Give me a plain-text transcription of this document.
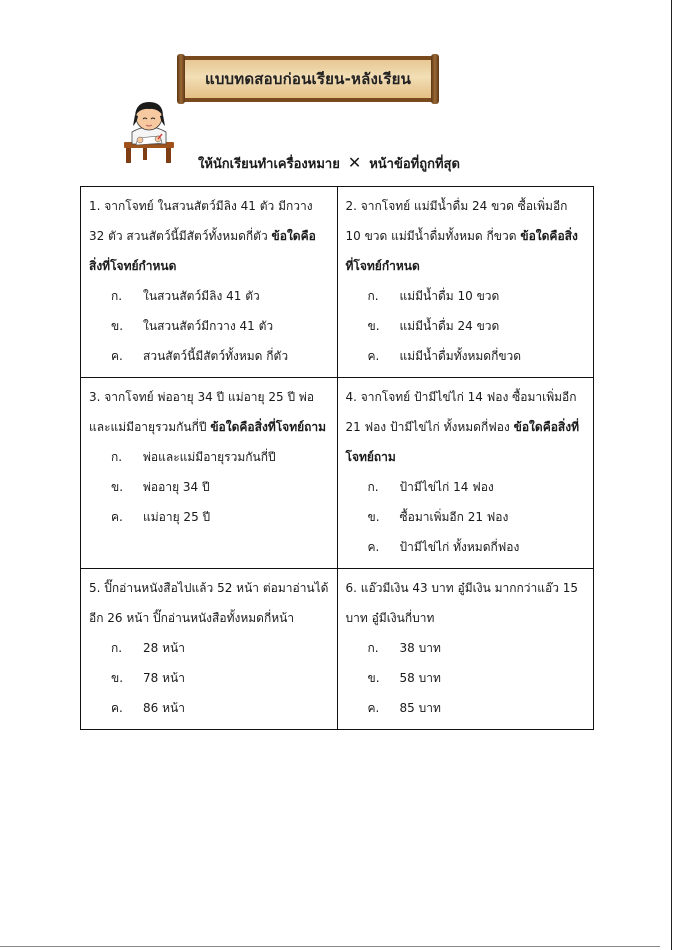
แบบทดสอบก่อนเรียน-หลังเรียน
ให้นักเรียนทำเครื่องหมาย ✕ หน้าข้อที่ถูกที่สุด
1. จากโจทย์ ในสวนสัตว์มีลิง 41 ตัว มีกวาง 32 ตัว สวนสัตว์นี้มีสัตว์ทั้งหมดกี่ตัว ข้อใดคือสิ่งที่โจทย์กำหนด
ก. ในสวนสัตว์มีลิง 41 ตัว
ข. ในสวนสัตว์มีกวาง 41 ตัว
ค. สวนสัตว์นี้มีสัตว์ทั้งหมด กี่ตัว	2. จากโจทย์ แม่มีน้ำดื่ม 24 ขวด ซื้อเพิ่มอีก 10 ขวด แม่มีน้ำดื่มทั้งหมด กี่ขวด ข้อใดคือสิ่งที่โจทย์กำหนด
ก. แม่มีน้ำดื่ม 10 ขวด
ข. แม่มีน้ำดื่ม 24 ขวด
ค. แม่มีน้ำดื่มทั้งหมดกี่ขวด

3. จากโจทย์ พ่ออายุ 34 ปี แม่อายุ 25 ปี พ่อและแม่มีอายุรวมกันกี่ปี ข้อใดคือสิ่งที่โจทย์ถาม
ก. พ่อและแม่มีอายุรวมกันกี่ปี
ข. พ่ออายุ 34 ปี
ค. แม่อายุ 25 ปี	4. จากโจทย์ ป้ามีไข่ไก่ 14 ฟอง ซื้อมาเพิ่มอีก 21 ฟอง ป้ามีไข่ไก่ ทั้งหมดกี่ฟอง ข้อใดคือสิ่งที่โจทย์ถาม
ก. ป้ามีไข่ไก่ 14 ฟอง
ข. ซื้อมาเพิ่มอีก 21 ฟอง
ค. ป้ามีไข่ไก่ ทั้งหมดกี่ฟอง

5. ปิ๊กอ่านหนังสือไปแล้ว 52 หน้า ต่อมาอ่านได้อีก 26 หน้า ปิ๊กอ่านหนังสือทั้งหมดกี่หน้า
ก. 28 หน้า
ข. 78 หน้า
ค. 86 หน้า	6. แอ๊วมีเงิน 43 บาท อู๋มีเงิน มากกว่าแอ๊ว 15 บาท อู๋มีเงินกี่บาท
ก. 38 บาท
ข. 58 บาท
ค. 85 บาท
